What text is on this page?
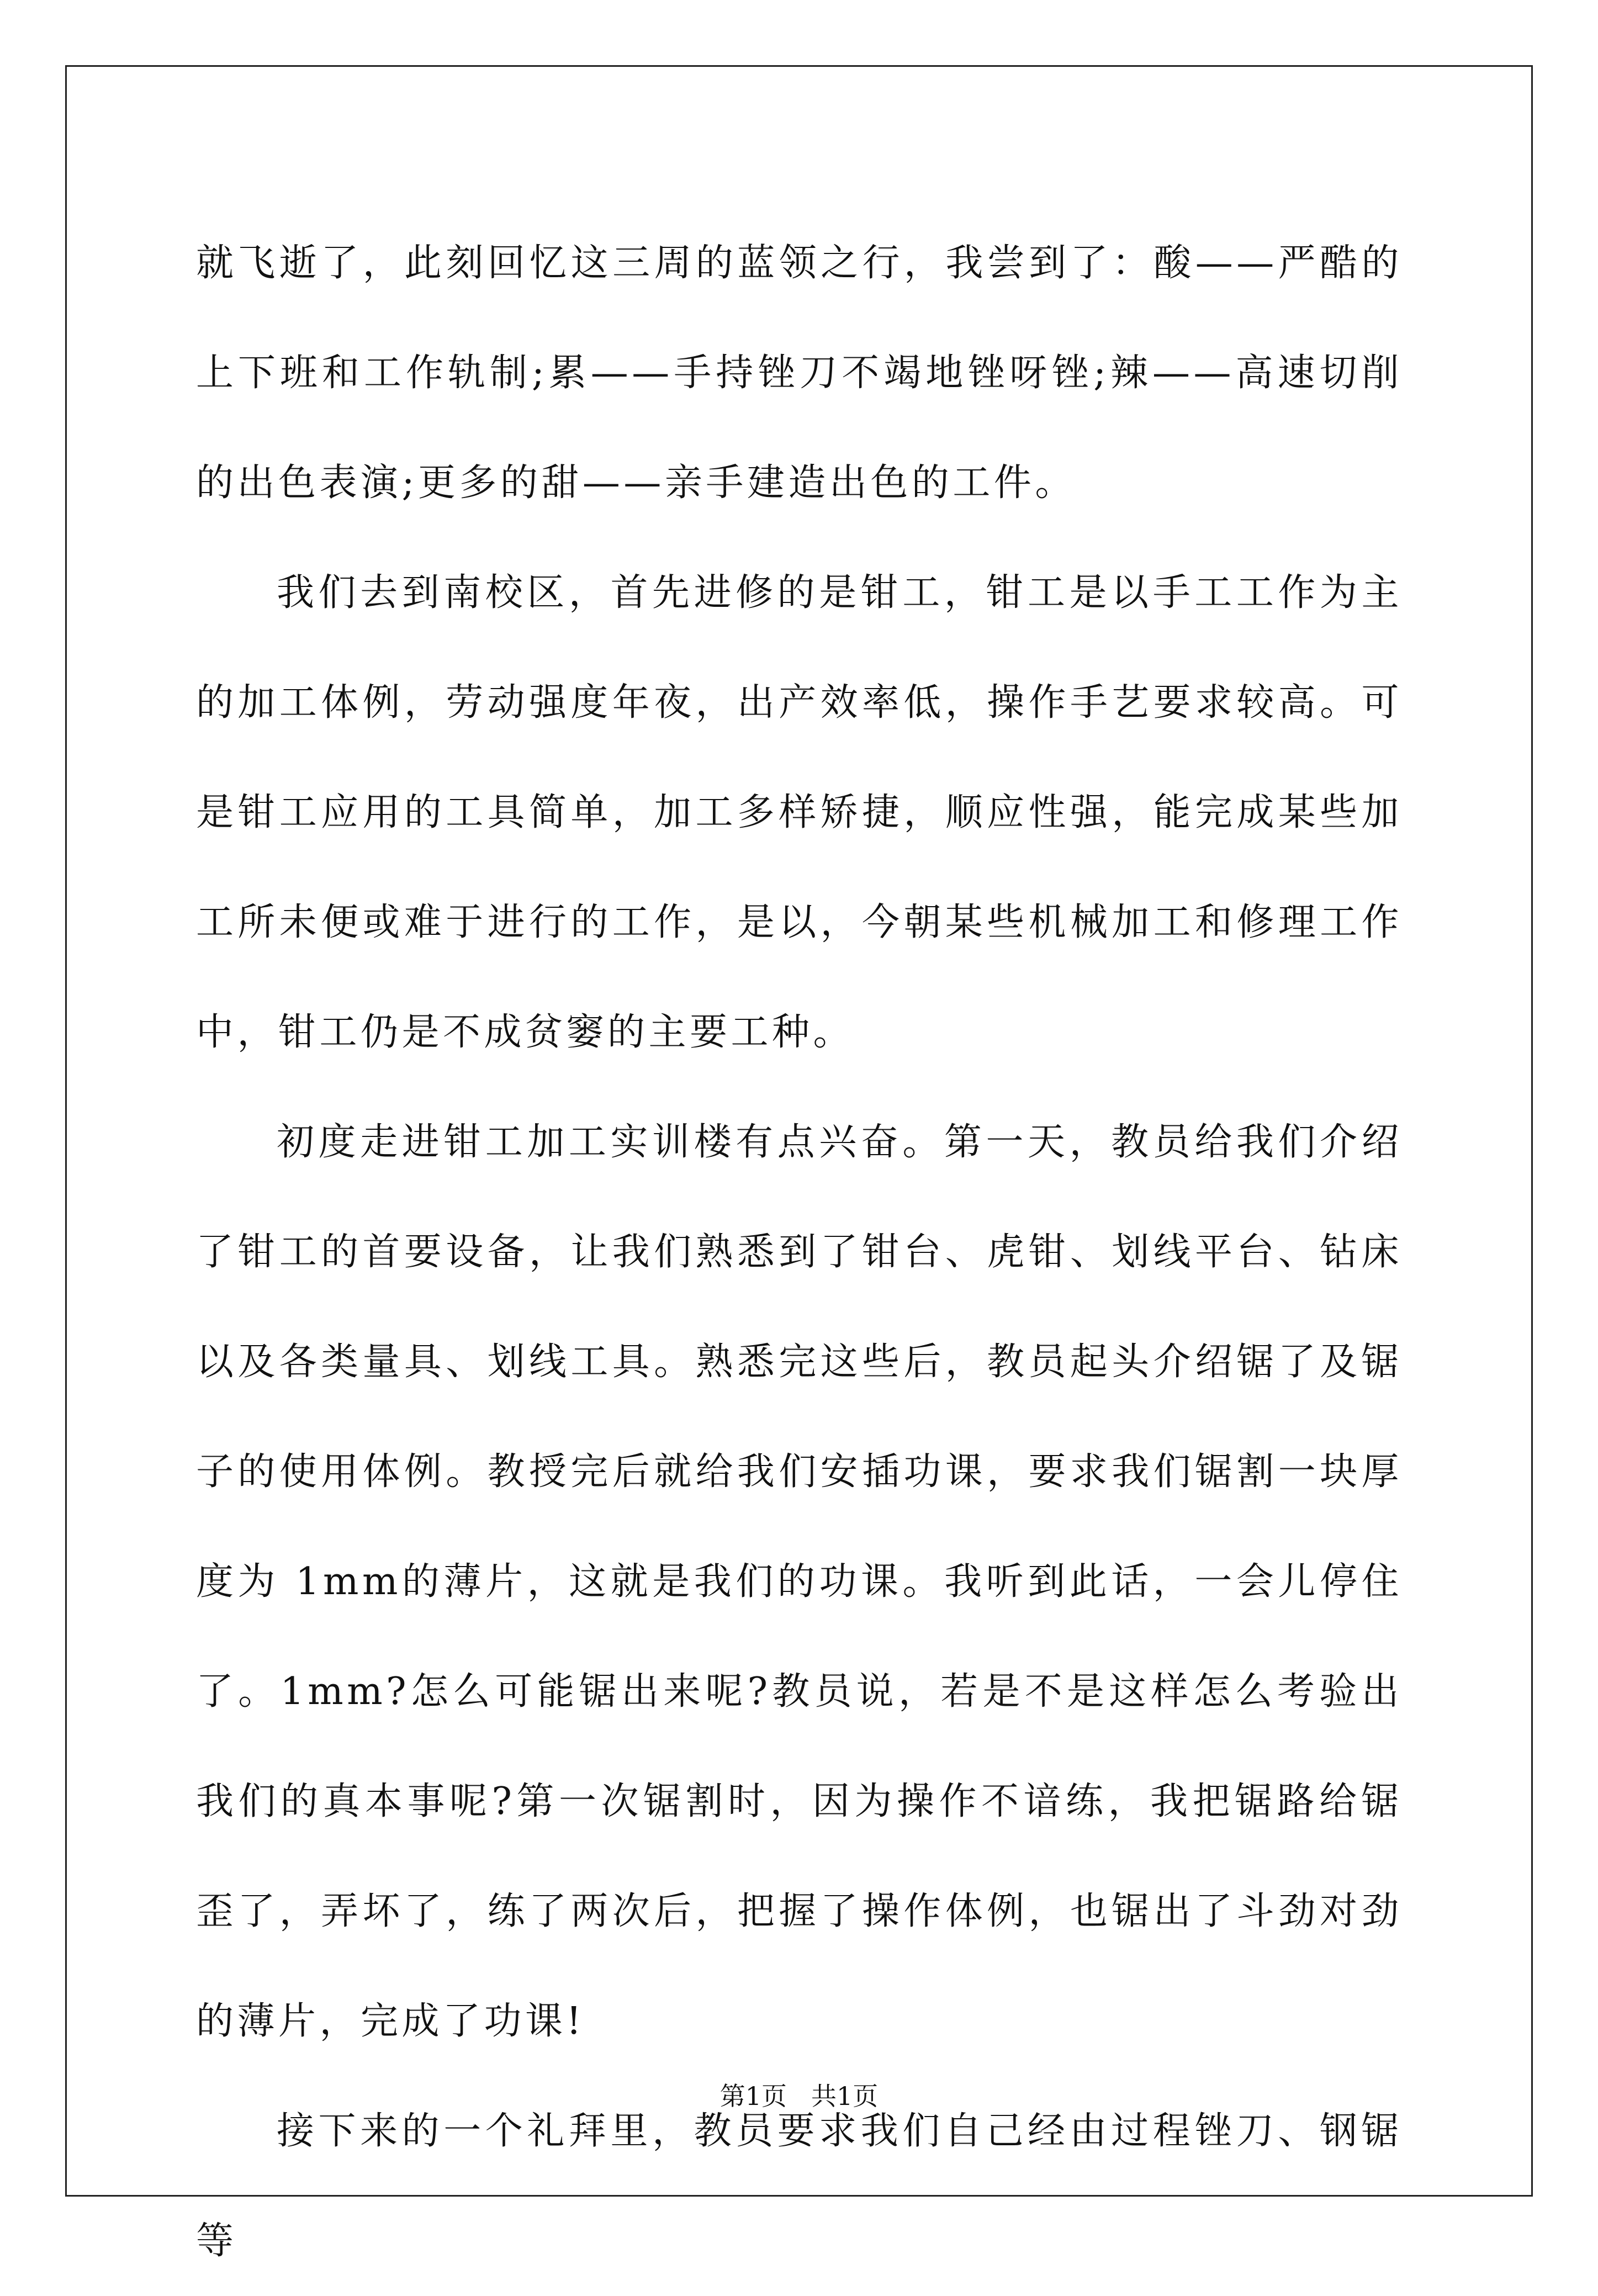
就飞逝了，此刻回忆这三周的蓝领之行，我尝到了：酸——严酷的上下班和工作轨制;累——手持锉刀不竭地锉呀锉;辣——高速切削的出色表演;更多的甜——亲手建造出色的工件。

我们去到南校区，首先进修的是钳工，钳工是以手工工作为主的加工体例，劳动强度年夜，出产效率低，操作手艺要求较高。可是钳工应用的工具简单，加工多样矫捷，顺应性强，能完成某些加工所未便或难于进行的工作，是以，今朝某些机械加工和修理工作中，钳工仍是不成贫窭的主要工种。

初度走进钳工加工实训楼有点兴奋。第一天，教员给我们介绍了钳工的首要设备，让我们熟悉到了钳台、虎钳、划线平台、钻床以及各类量具、划线工具。熟悉完这些后，教员起头介绍锯了及锯子的使用体例。教授完后就给我们安插功课，要求我们锯割一块厚度为 1mm的薄片，这就是我们的功课。我听到此话，一会儿停住了。1mm?怎么可能锯出来呢?教员说，若是不是这样怎么考验出我们的真本事呢?第一次锯割时，因为操作不谙练，我把锯路给锯歪了，弄坏了，练了两次后，把握了操作体例，也锯出了斗劲对劲的薄片，完成了功课!

接下来的一个礼拜里，教员要求我们自己经由过程锉刀、钢锯等

第1页 共1页
